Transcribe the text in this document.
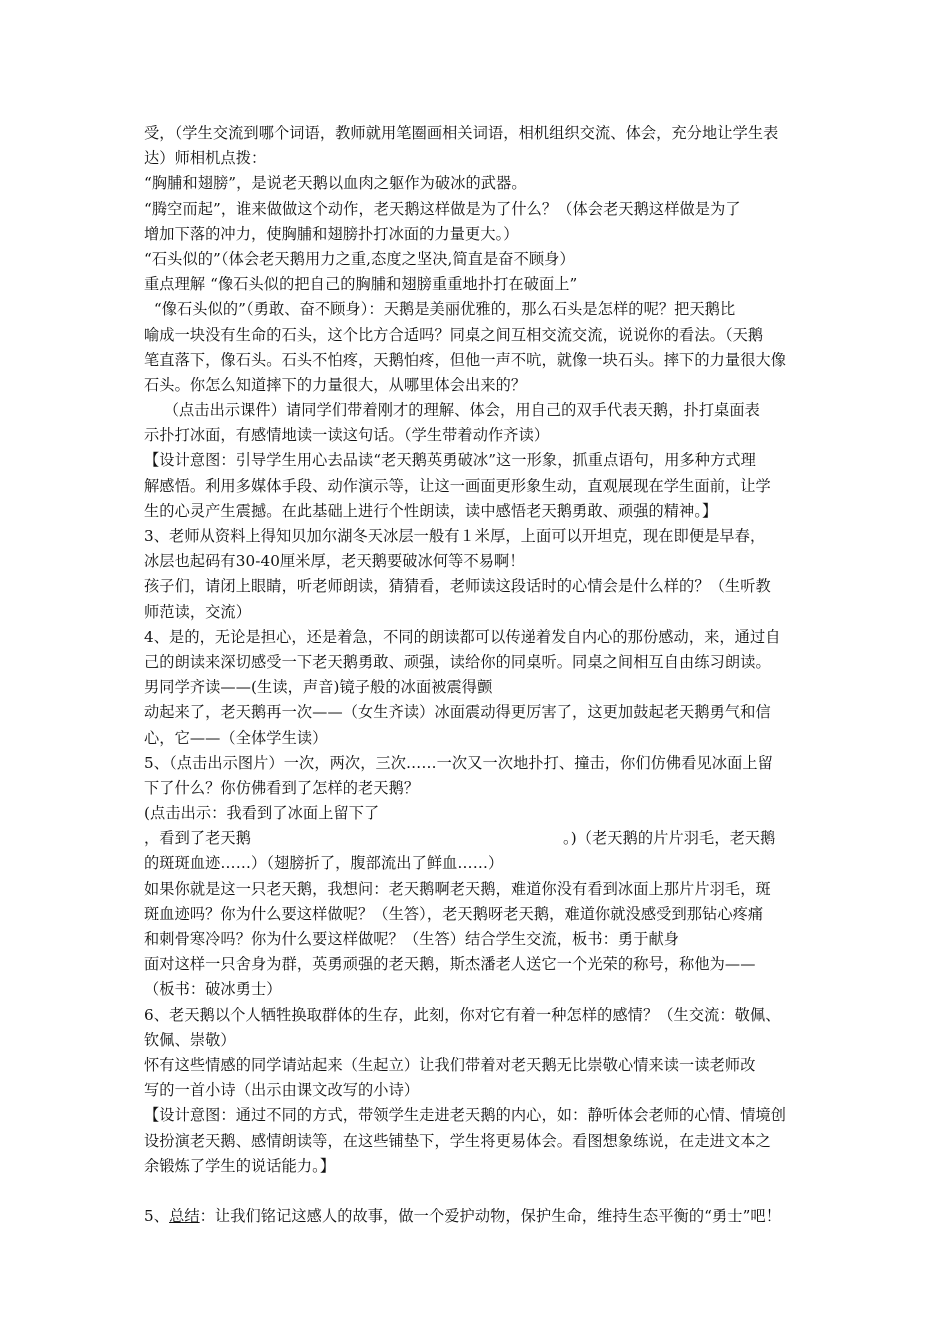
受，（学生交流到哪个词语，教师就用笔圈画相关词语，相机组织交流、体会，充分地让学生表
达）师相机点拨：
“胸脯和翅膀”，是说老天鹅以血肉之躯作为破冰的武器。
“腾空而起”，谁来做做这个动作，老天鹅这样做是为了什么？（体会老天鹅这样做是为了
增加下落的冲力，使胸脯和翅膀扑打冰面的力量更大。）
“石头似的”（体会老天鹅用力之重,态度之坚决,简直是奋不顾身）
重点理解 “像石头似的把自己的胸脯和翅膀重重地扑打在破面上”
“像石头似的”（勇敢、奋不顾身）：天鹅是美丽优雅的，那么石头是怎样的呢？把天鹅比
喻成一块没有生命的石头，这个比方合适吗？同桌之间互相交流交流，说说你的看法。（天鹅
笔直落下，像石头。石头不怕疼，天鹅怕疼，但他一声不吭，就像一块石头。摔下的力量很大像
石头。你怎么知道摔下的力量很大，从哪里体会出来的？
（点击出示课件）请同学们带着刚才的理解、体会，用自己的双手代表天鹅，扑打桌面表
示扑打冰面，有感情地读一读这句话。（学生带着动作齐读）
【设计意图：引导学生用心去品读“老天鹅英勇破冰”这一形象，抓重点语句，用多种方式理
解感悟。利用多媒体手段、动作演示等，让这一画面更形象生动，直观展现在学生面前，让学
生的心灵产生震撼。在此基础上进行个性朗读，读中感悟老天鹅勇敢、顽强的精神。】
3、老师从资料上得知贝加尔湖冬天冰层一般有１米厚，上面可以开坦克，现在即便是早春，
冰层也起码有30-40厘米厚，老天鹅要破冰何等不易啊！
孩子们，请闭上眼睛，听老师朗读，猜猜看，老师读这段话时的心情会是什么样的？（生听教
师范读，交流）
4、是的，无论是担心，还是着急，不同的朗读都可以传递着发自内心的那份感动，来，通过自
己的朗读来深切感受一下老天鹅勇敢、顽强，读给你的同桌听。同桌之间相互自由练习朗读。
男同学齐读——(生读，声音)镜子般的冰面被震得颤
动起来了，老天鹅再一次——（女生齐读）冰面震动得更厉害了，这更加鼓起老天鹅勇气和信
心，它——（全体学生读）
5、（点击出示图片）一次，两次，三次……一次又一次地扑打、撞击，你们仿佛看见冰面上留
下了什么？你仿佛看到了怎样的老天鹅？
(点击出示：我看到了冰面上留下了
，看到了老天鹅	。)（老天鹅的片片羽毛，老天鹅
的斑斑血迹……）（翅膀折了，腹部流出了鲜血……）
如果你就是这一只老天鹅，我想问：老天鹅啊老天鹅，难道你没有看到冰面上那片片羽毛，斑
斑血迹吗？你为什么要这样做呢？（生答），老天鹅呀老天鹅，难道你就没感受到那钻心疼痛
和刺骨寒冷吗？你为什么要这样做呢？（生答）结合学生交流，板书：勇于献身
面对这样一只舍身为群，英勇顽强的老天鹅，斯杰潘老人送它一个光荣的称号，称他为——
（板书：破冰勇士）
6、老天鹅以个人牺牲换取群体的生存，此刻，你对它有着一种怎样的感情？（生交流：敬佩、
钦佩、崇敬）
怀有这些情感的同学请站起来（生起立）让我们带着对老天鹅无比崇敬心情来读一读老师改
写的一首小诗（出示由课文改写的小诗）
【设计意图：通过不同的方式，带领学生走进老天鹅的内心，如：静听体会老师的心情、情境创
设扮演老天鹅、感情朗读等，在这些铺垫下，学生将更易体会。看图想象练说，在走进文本之
余锻炼了学生的说话能力。】
5、总结：让我们铭记这感人的故事，做一个爱护动物，保护生命，维持生态平衡的“勇士”吧！
